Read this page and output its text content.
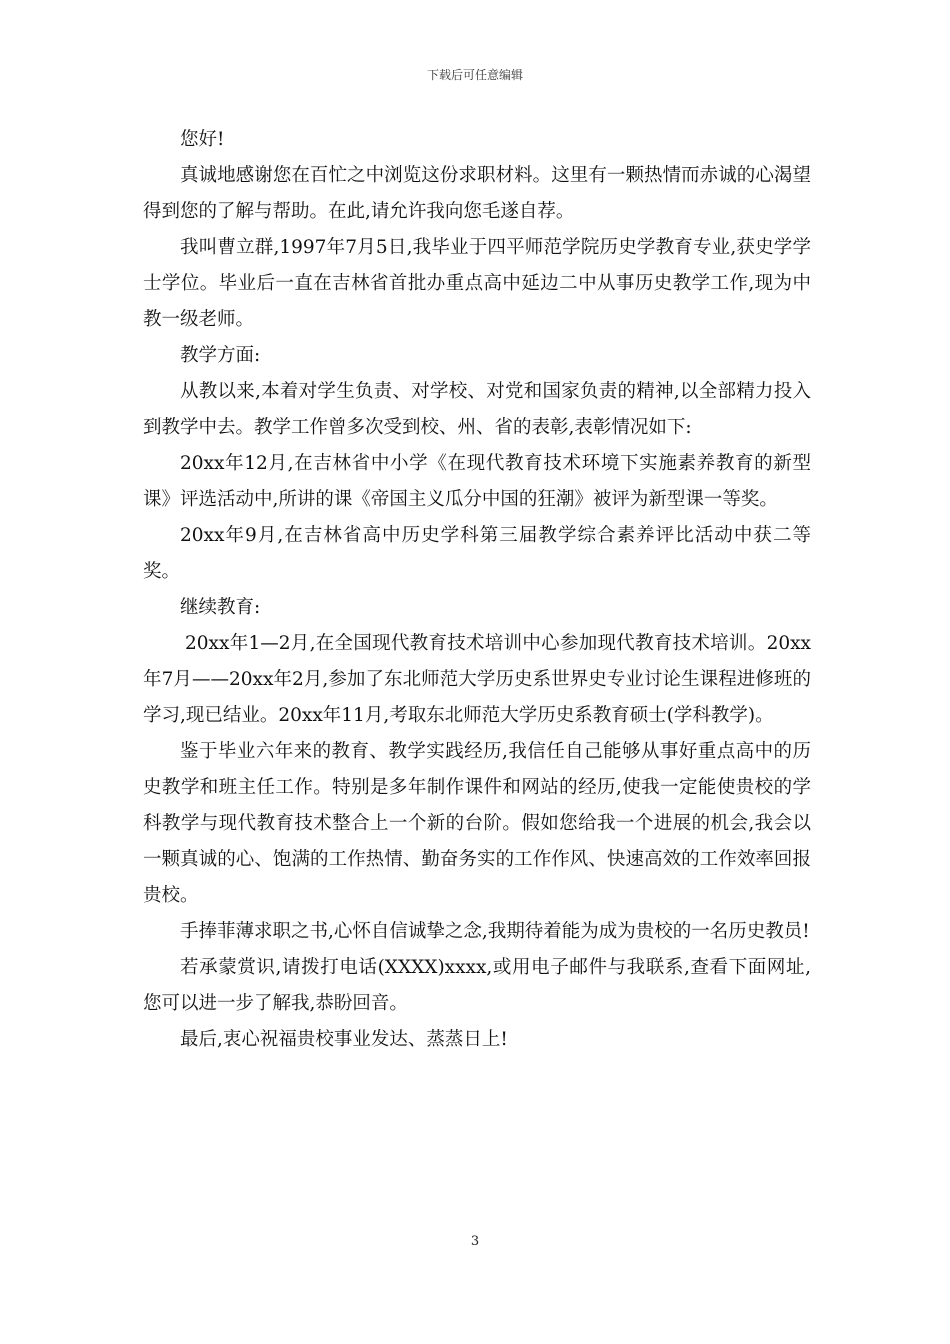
下载后可任意编辑

您好!

真诚地感谢您在百忙之中浏览这份求职材料。这里有一颗热情而赤诚的心渴望得到您的了解与帮助。在此,请允许我向您毛遂自荐。

我叫曹立群,1997年7月5日,我毕业于四平师范学院历史学教育专业,获史学学士学位。毕业后一直在吉林省首批办重点高中延边二中从事历史教学工作,现为中教一级老师。

教学方面:

从教以来,本着对学生负责、对学校、对党和国家负责的精神,以全部精力投入到教学中去。教学工作曾多次受到校、州、省的表彰,表彰情况如下:

20xx年12月,在吉林省中小学《在现代教育技术环境下实施素养教育的新型课》评选活动中,所讲的课《帝国主义瓜分中国的狂潮》被评为新型课一等奖。

20xx年9月,在吉林省高中历史学科第三届教学综合素养评比活动中获二等奖。

继续教育:

20xx年1—2月,在全国现代教育技术培训中心参加现代教育技术培训。20xx年7月——20xx年2月,参加了东北师范大学历史系世界史专业讨论生课程进修班的学习,现已结业。20xx年11月,考取东北师范大学历史系教育硕士(学科教学)。

鉴于毕业六年来的教育、教学实践经历,我信任自己能够从事好重点高中的历史教学和班主任工作。特别是多年制作课件和网站的经历,使我一定能使贵校的学科教学与现代教育技术整合上一个新的台阶。假如您给我一个进展的机会,我会以一颗真诚的心、饱满的工作热情、勤奋务实的工作作风、快速高效的工作效率回报贵校。

手捧菲薄求职之书,心怀自信诚挚之念,我期待着能为成为贵校的一名历史教员!

若承蒙赏识,请拨打电话(XXXX)xxxx,或用电子邮件与我联系,查看下面网址,您可以进一步了解我,恭盼回音。

最后,衷心祝福贵校事业发达、蒸蒸日上!

3
